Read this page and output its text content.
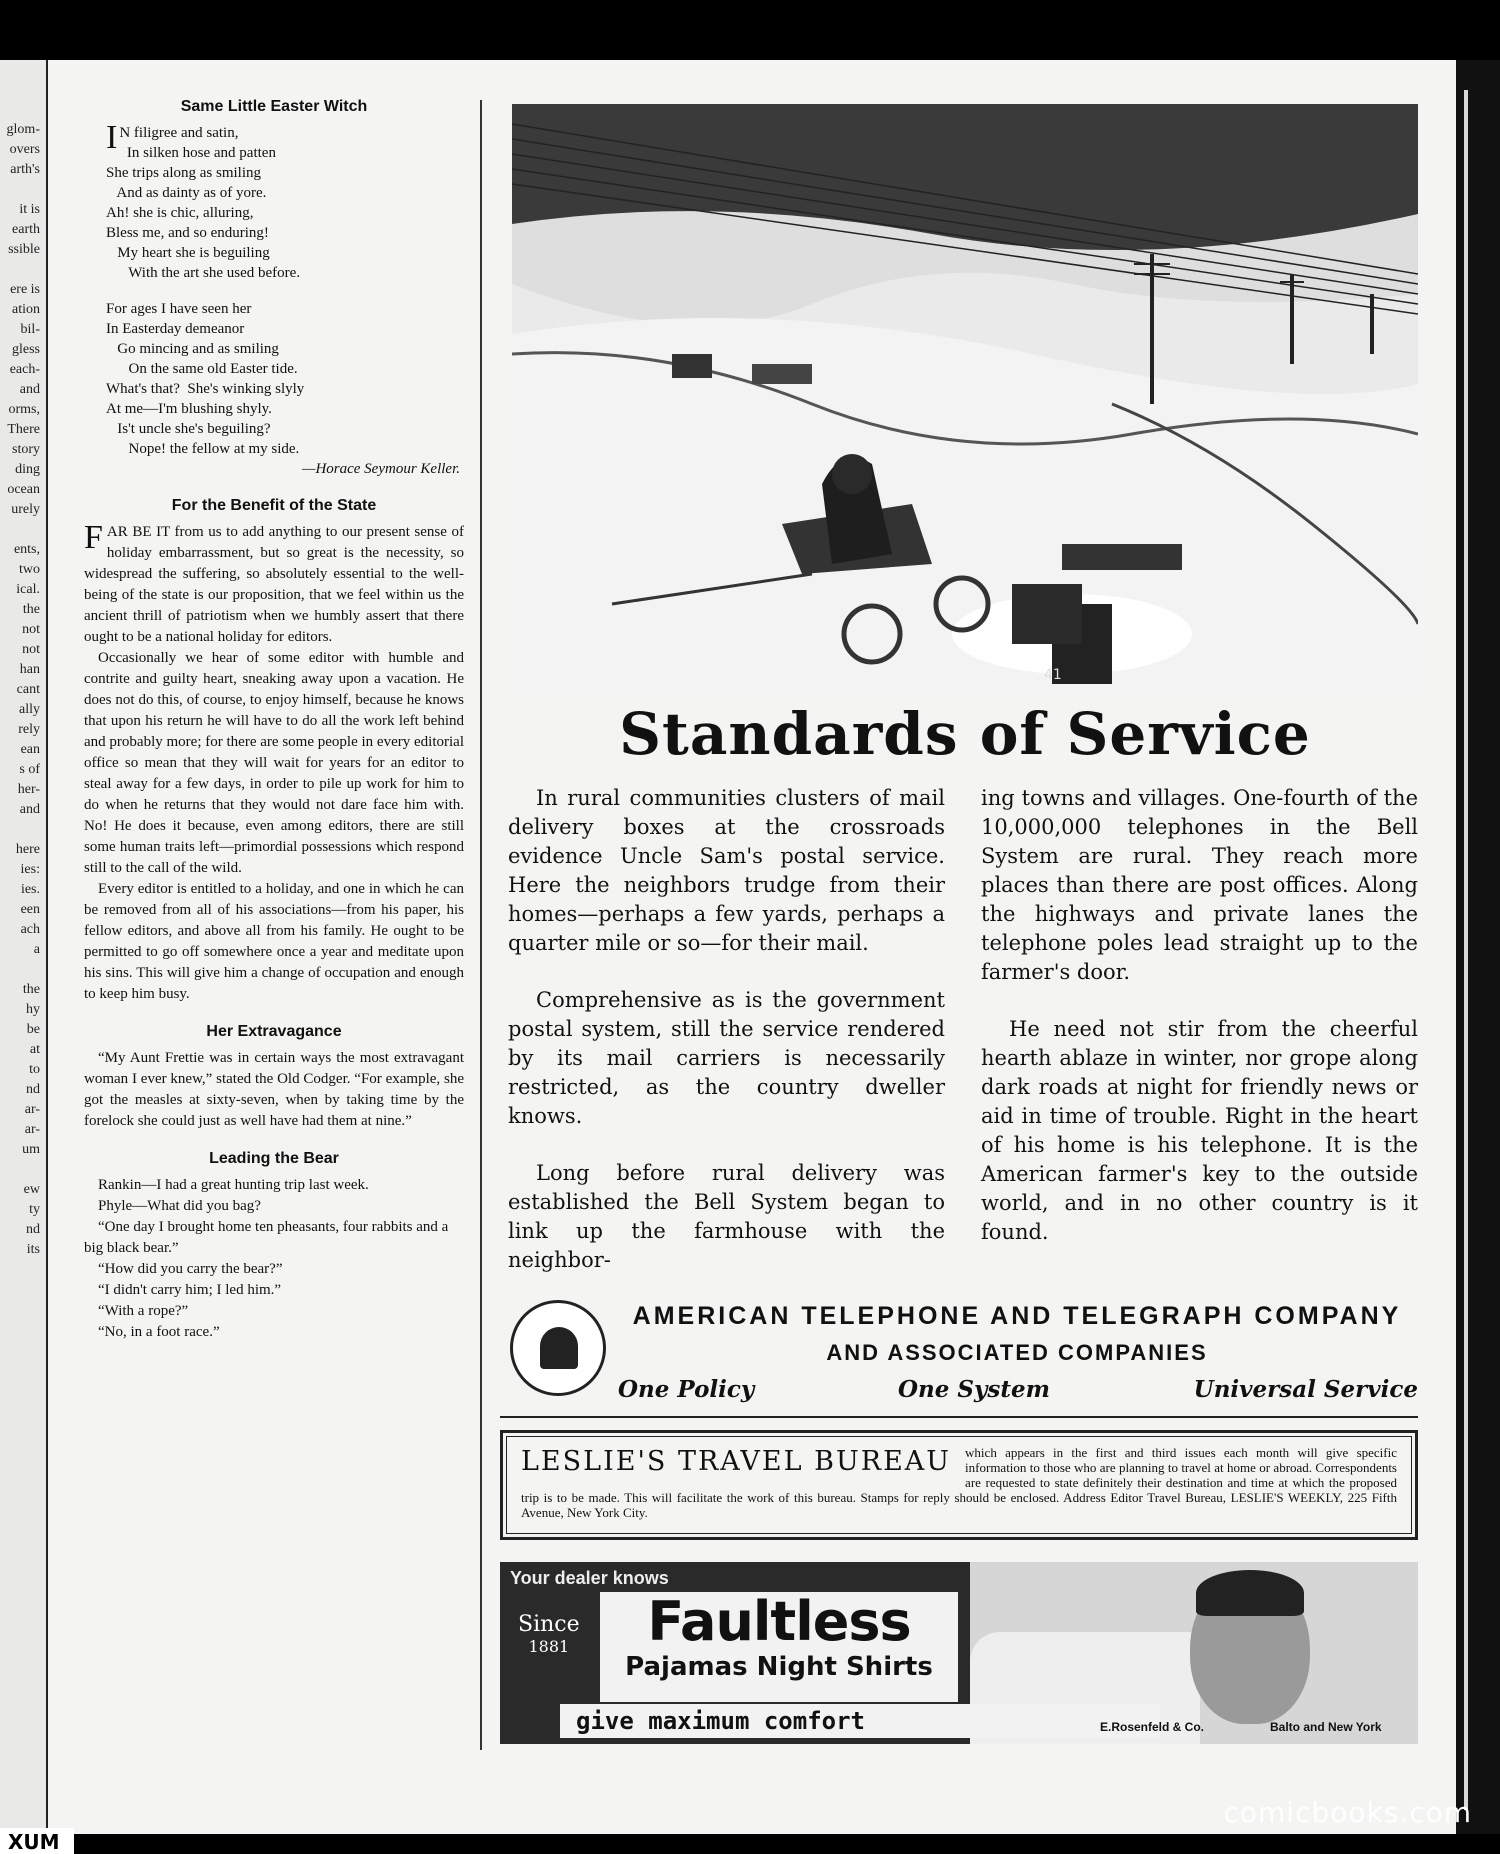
glom-
overs
arth's

it is
earth
ssible

ere is
ation
bil-
gless
each-
and
orms,
There
story
ding
ocean
urely

ents,
two
ical.
the
not
not
han
cant
ally
rely
ean
s of
her-
and

here
ies:
ies.
een
ach
a

the
hy
be
at
to
nd
ar-
ar-
um

ew
ty
nd
its
Same Little Easter Witch
I N filigree and satin,

In silken hose and patten

She trips along as smiling

And as dainty as of yore.

Ah! she is chic, alluring,

Bless me, and so enduring!

My heart she is beguiling

With the art she used before.

For ages I have seen her

In Easterday demeanor

Go mincing and as smiling

On the same old Easter tide.

What's that?  She's winking slyly

At me—I'm blushing shyly.

Is't uncle she's beguiling?

Nope! the fellow at my side.

—Horace Seymour Keller.

For the Benefit of the State
F AR BE IT from us to add anything to our present sense of holiday embarrassment, but so great is the necessity, so widespread the suffering, so absolutely essential to the well-being of the state is our proposition, that we feel within us the ancient thrill of patriotism when we humbly assert that there ought to be a national holiday for editors.

Occasionally we hear of some editor with humble and contrite and guilty heart, sneaking away upon a vacation. He does not do this, of course, to enjoy himself, because he knows that upon his return he will have to do all the work left behind and probably more; for there are some people in every editorial office so mean that they will wait for years for an editor to steal away for a few days, in order to pile up work for him to do when he returns that they would not dare face him with. No! He does it because, even among editors, there are still some human traits left—primordial possessions which respond still to the call of the wild.

Every editor is entitled to a holiday, and one in which he can be removed from all of his associations—from his paper, his fellow editors, and above all from his family. He ought to be permitted to go off somewhere once a year and meditate upon his sins. This will give him a change of occupation and enough to keep him busy.

Her Extravagance

“My Aunt Frettie was in certain ways the most extravagant woman I ever knew,” stated the Old Codger. “For example, she got the measles at sixty-seven, when by taking time by the forelock she could just as well have had them at nine.”

Leading the Bear

Rankin—I had a great hunting trip last week.

Phyle—What did you bag?

“One day I brought home ten pheasants, four rabbits and a big black bear.”

“How did you carry the bear?”

“I didn't carry him; I led him.”

“With a rope?”

“No, in a foot race.”

41
Standards of Service

In rural communities clusters of mail delivery boxes at the crossroads evidence Uncle Sam's postal service. Here the neighbors trudge from their homes—perhaps a few yards, perhaps a quarter mile or so—for their mail.

Comprehensive as is the government postal system, still the service rendered by its mail carriers is necessarily restricted, as the country dweller knows.

Long before rural delivery was established the Bell System began to link up the farmhouse with the neighbor-

ing towns and villages. One-fourth of the 10,000,000 telephones in the Bell System are rural. They reach more places than there are post offices. Along the highways and private lanes the telephone poles lead straight up to the farmer's door.

He need not stir from the cheerful hearth ablaze in winter, nor grope along dark roads at night for friendly news or aid in time of trouble. Right in the heart of his home is his telephone. It is the American farmer's key to the outside world, and in no other country is it found.

AMERICAN TELEPHONE AND TELEGRAPH COMPANY
AND ASSOCIATED COMPANIES
One Policy	One System	Universal Service
LESLIE'S TRAVEL BUREAU	which appears in the first and third issues each month will give specific information to those who are planning to travel at home or abroad. Correspondents are requested to state definitely their destination and time at which the proposed trip is to be made. This will facilitate the work of this bureau. Stamps for reply should be enclosed. Address Editor Travel Bureau, LESLIE'S WEEKLY, 225 Fifth Avenue, New York City.
Your dealer knows
Since
1881	Faultless
Pajamas Night Shirts
give maximum comfort	E.Rosenfeld & Co.	Balto and New York
comicbooks.com
XUM
